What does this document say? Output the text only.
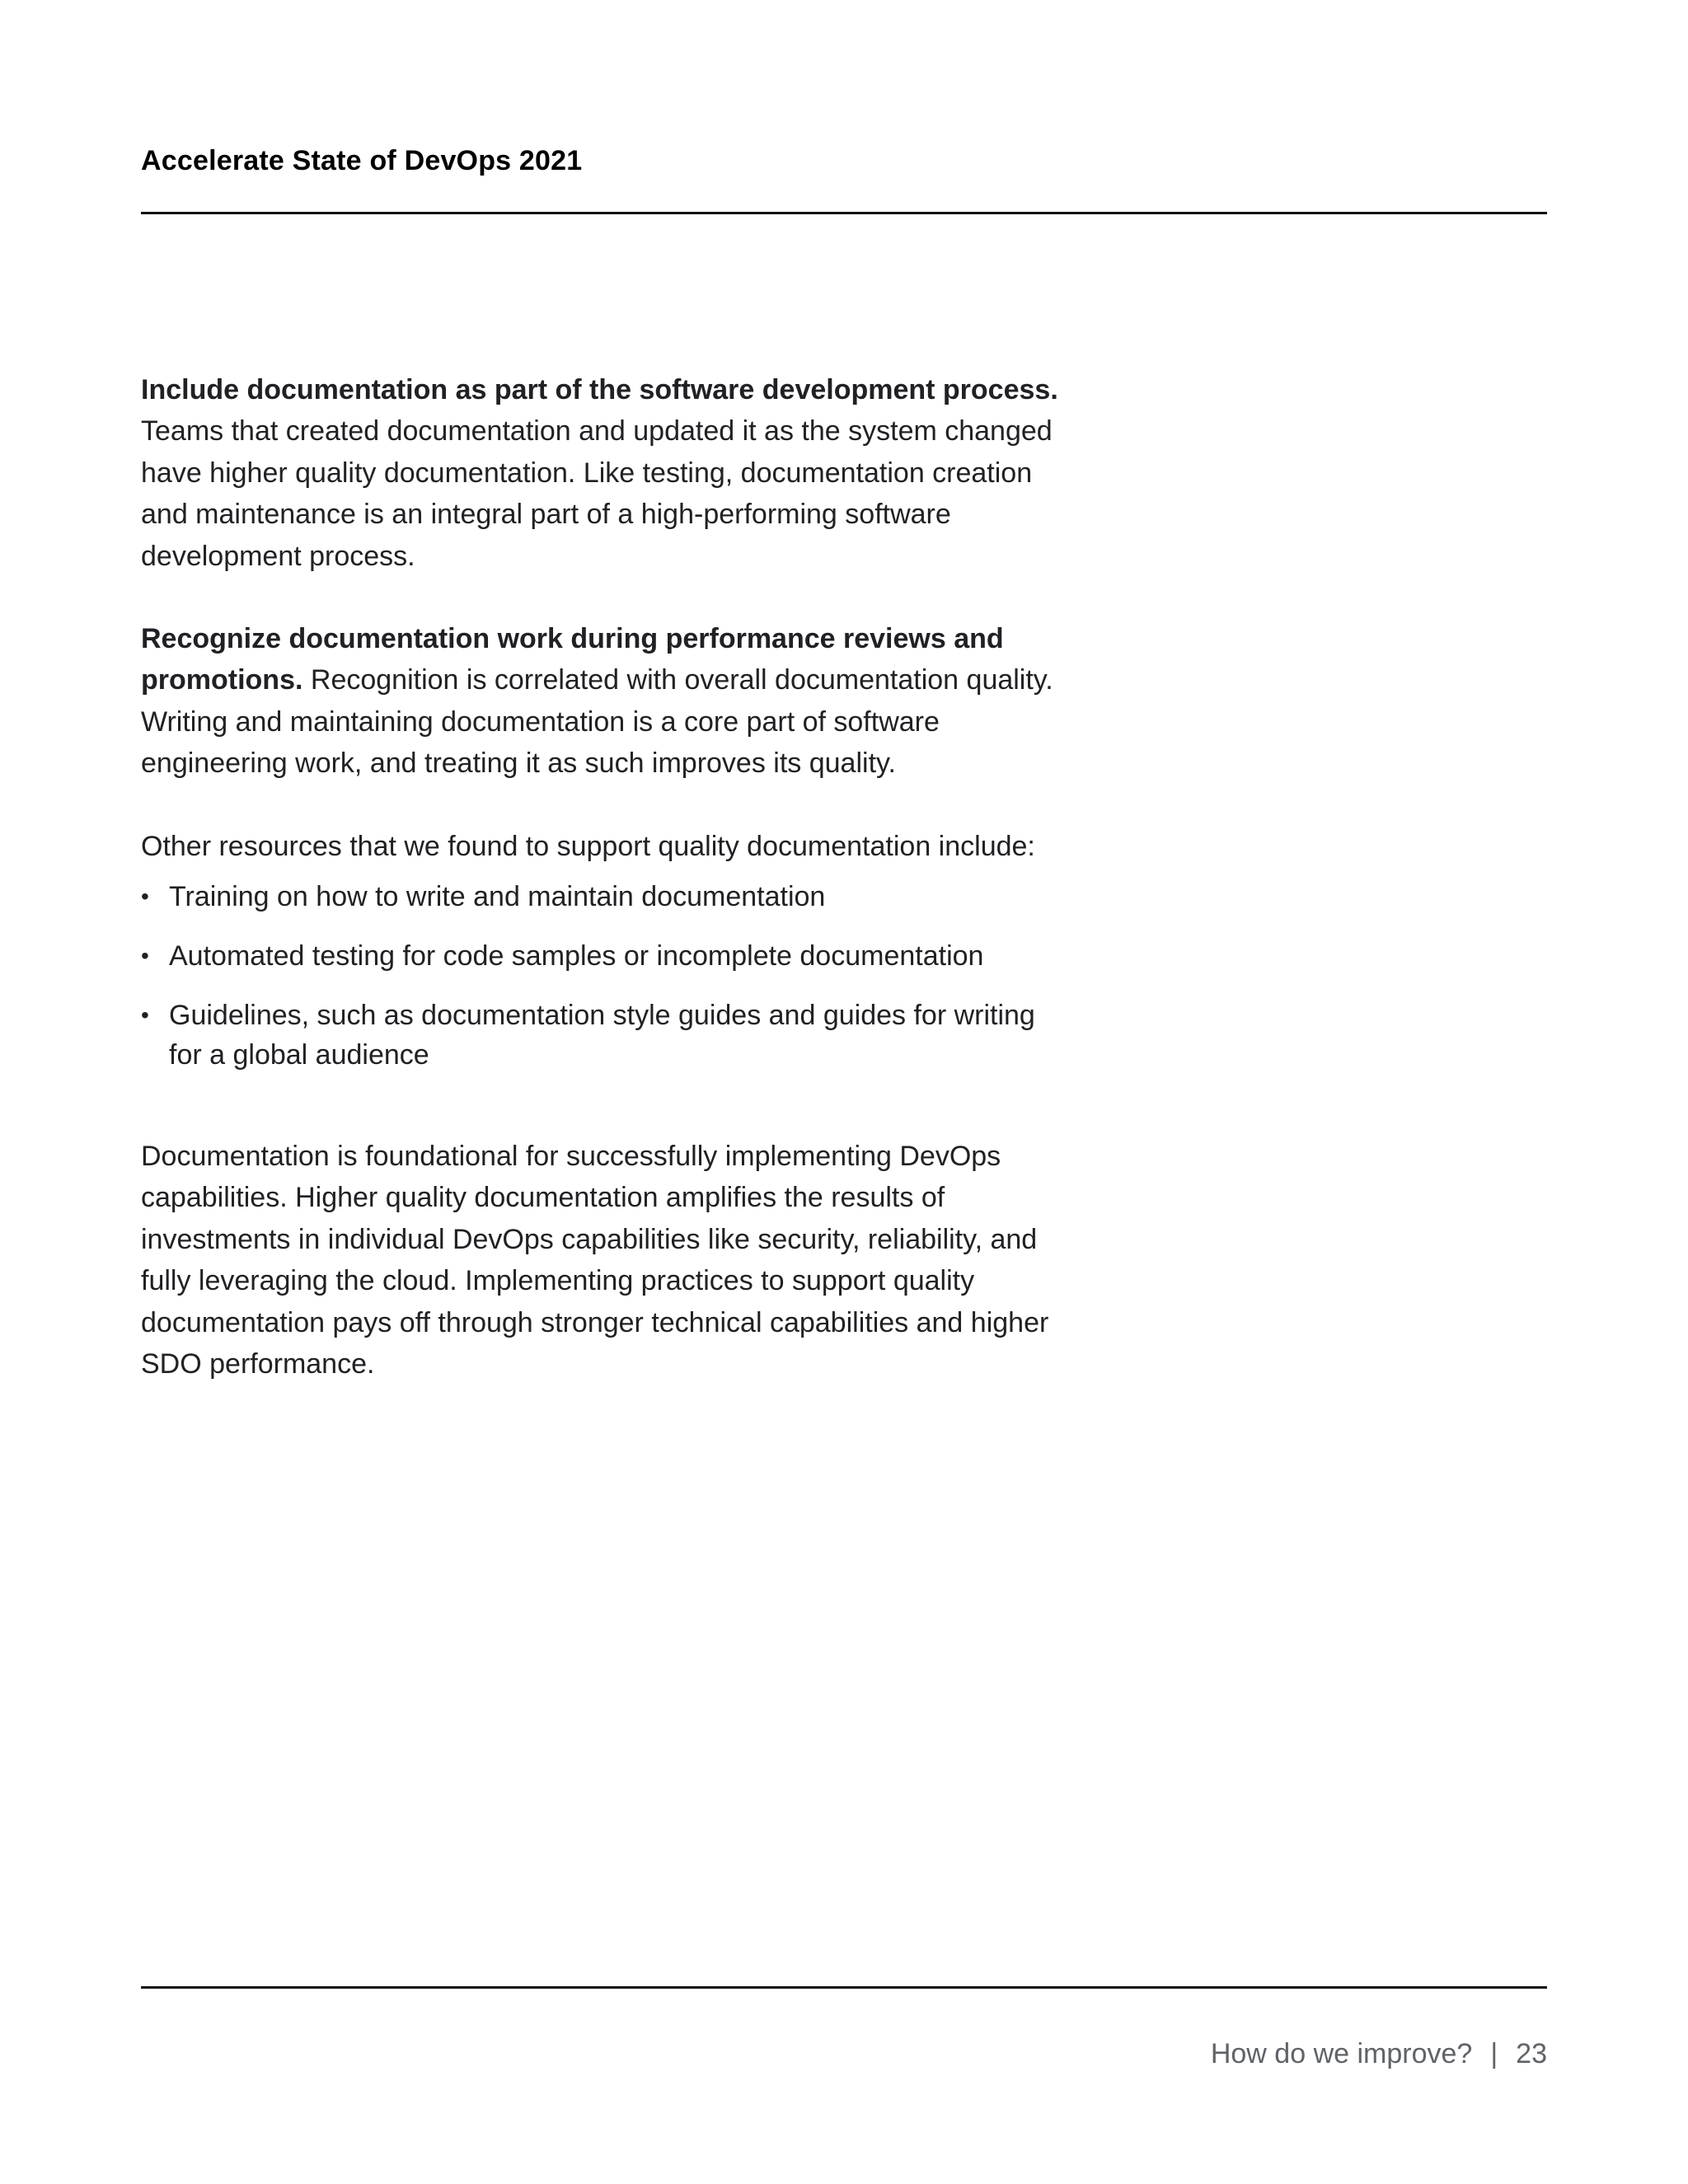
Accelerate State of DevOps 2021

Include documentation as part of the software development process. Teams that created documentation and updated it as the system changed have higher quality documentation. Like testing, documentation creation and maintenance is an integral part of a high-performing software development process.

Recognize documentation work during performance reviews and promotions. Recognition is correlated with overall documentation quality. Writing and maintaining documentation is a core part of software engineering work, and treating it as such improves its quality.

Other resources that we found to support quality documentation include:

• Training on how to write and maintain documentation
• Automated testing for code samples or incomplete documentation
• Guidelines, such as documentation style guides and guides for writing for a global audience

Documentation is foundational for successfully implementing DevOps capabilities. Higher quality documentation amplifies the results of investments in individual DevOps capabilities like security, reliability, and fully leveraging the cloud. Implementing practices to support quality documentation pays off through stronger technical capabilities and higher SDO performance.

How do we improve? | 23
